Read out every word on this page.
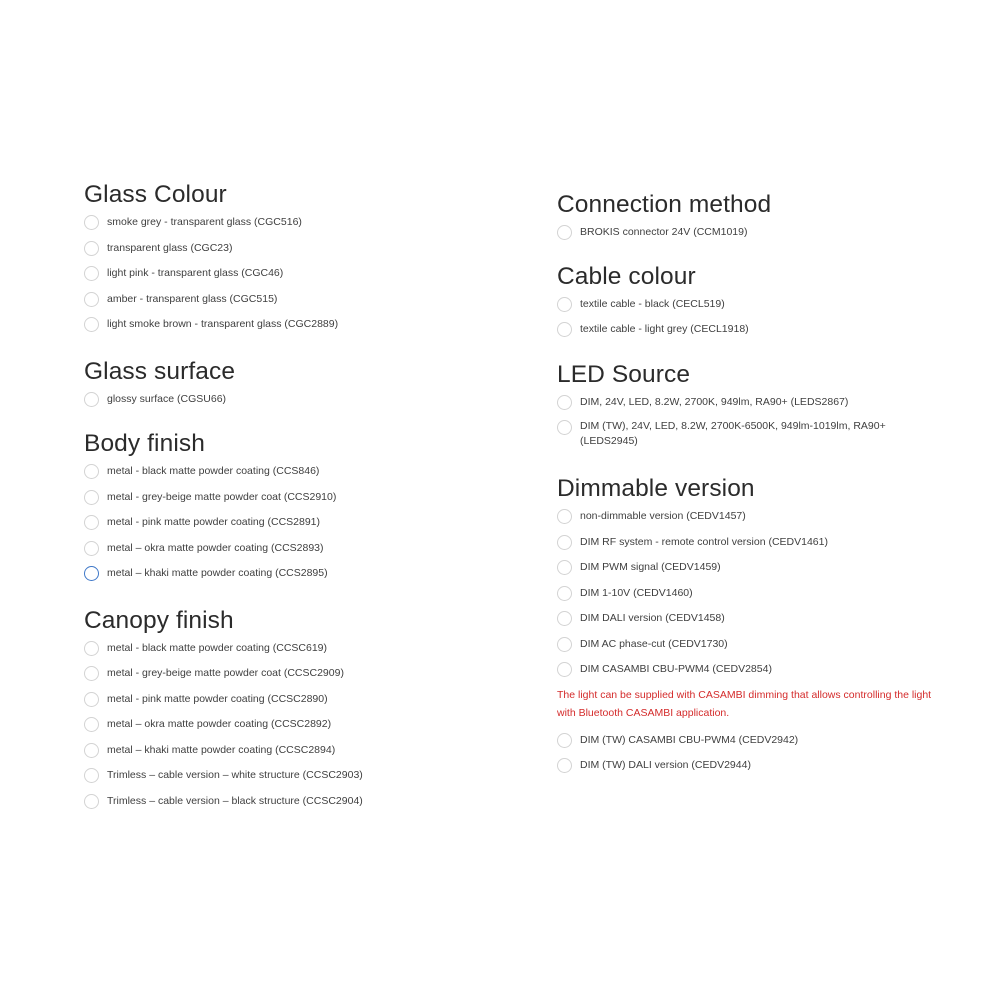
Glass Colour
smoke grey - transparent glass (CGC516)
transparent glass (CGC23)
light pink - transparent glass (CGC46)
amber - transparent glass (CGC515)
light smoke brown - transparent glass (CGC2889)
Glass surface
glossy surface (CGSU66)
Body finish
metal - black matte powder coating (CCS846)
metal - grey-beige matte powder coat (CCS2910)
metal - pink matte powder coating (CCS2891)
metal – okra matte powder coating (CCS2893)
metal – khaki matte powder coating (CCS2895)
Canopy finish
metal - black matte powder coating (CCSC619)
metal - grey-beige matte powder coat (CCSC2909)
metal - pink matte powder coating (CCSC2890)
metal – okra matte powder coating (CCSC2892)
metal – khaki matte powder coating (CCSC2894)
Trimless – cable version – white structure (CCSC2903)
Trimless – cable version – black structure (CCSC2904)
Connection method
BROKIS connector 24V (CCM1019)
Cable colour
textile cable - black (CECL519)
textile cable - light grey (CECL1918)
LED Source
DIM, 24V, LED, 8.2W, 2700K, 949lm, RA90+ (LEDS2867)
DIM (TW), 24V, LED, 8.2W, 2700K-6500K, 949lm-1019lm, RA90+ (LEDS2945)
Dimmable version
non-dimmable version (CEDV1457)
DIM RF system - remote control version (CEDV1461)
DIM PWM signal (CEDV1459)
DIM 1-10V (CEDV1460)
DIM DALI version (CEDV1458)
DIM AC phase-cut (CEDV1730)
DIM CASAMBI CBU-PWM4 (CEDV2854)
The light can be supplied with CASAMBI dimming that allows controlling the light with Bluetooth CASAMBI application.
DIM (TW) CASAMBI CBU-PWM4 (CEDV2942)
DIM (TW) DALI version (CEDV2944)
